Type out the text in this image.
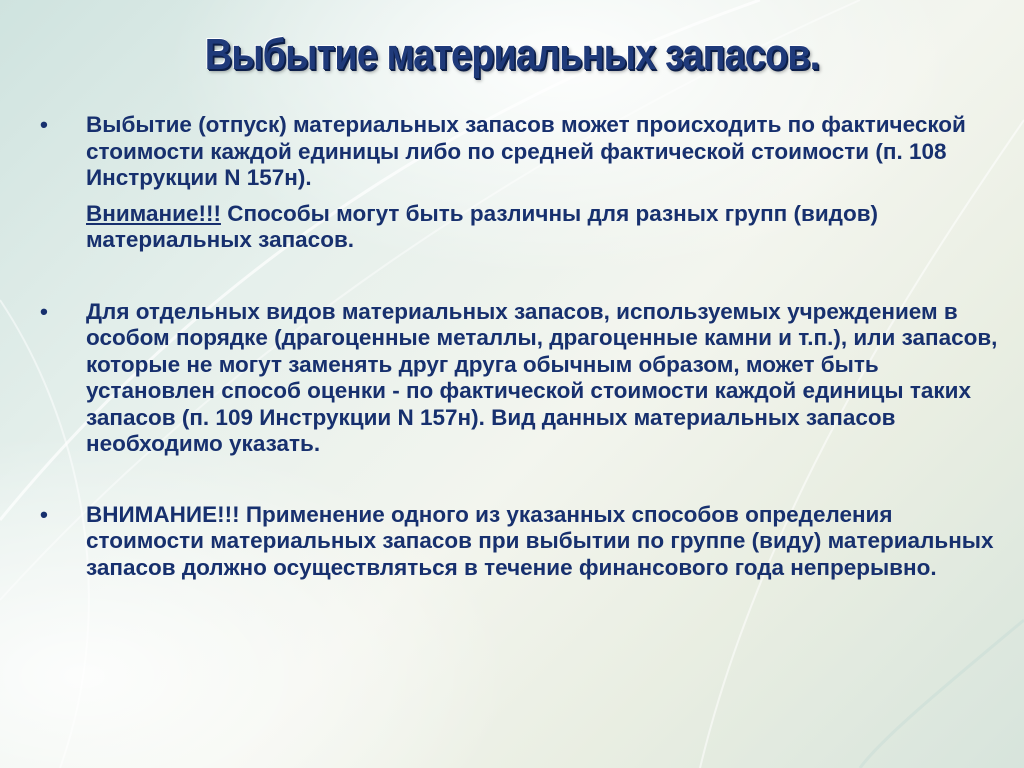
Выбытие материальных запасов.
•	Выбытие (отпуск) материальных запасов может происходить по фактической стоимости каждой единицы либо по средней фактической стоимости (п. 108 Инструкции N 157н).

Внимание!!! Способы могут быть различны для разных групп (видов) материальных запасов.

•	Для отдельных видов материальных запасов, используемых учреждением в особом порядке (драгоценные металлы, драгоценные камни и т.п.), или запасов, которые не могут заменять друг друга обычным образом, может быть установлен способ оценки - по фактической стоимости каждой единицы таких запасов (п. 109 Инструкции N 157н). Вид данных материальных запасов необходимо указать.

•	ВНИМАНИЕ!!! Применение одного из указанных способов определения стоимости материальных запасов при выбытии по группе (виду) материальных запасов должно осуществляться в течение финансового года непрерывно.
